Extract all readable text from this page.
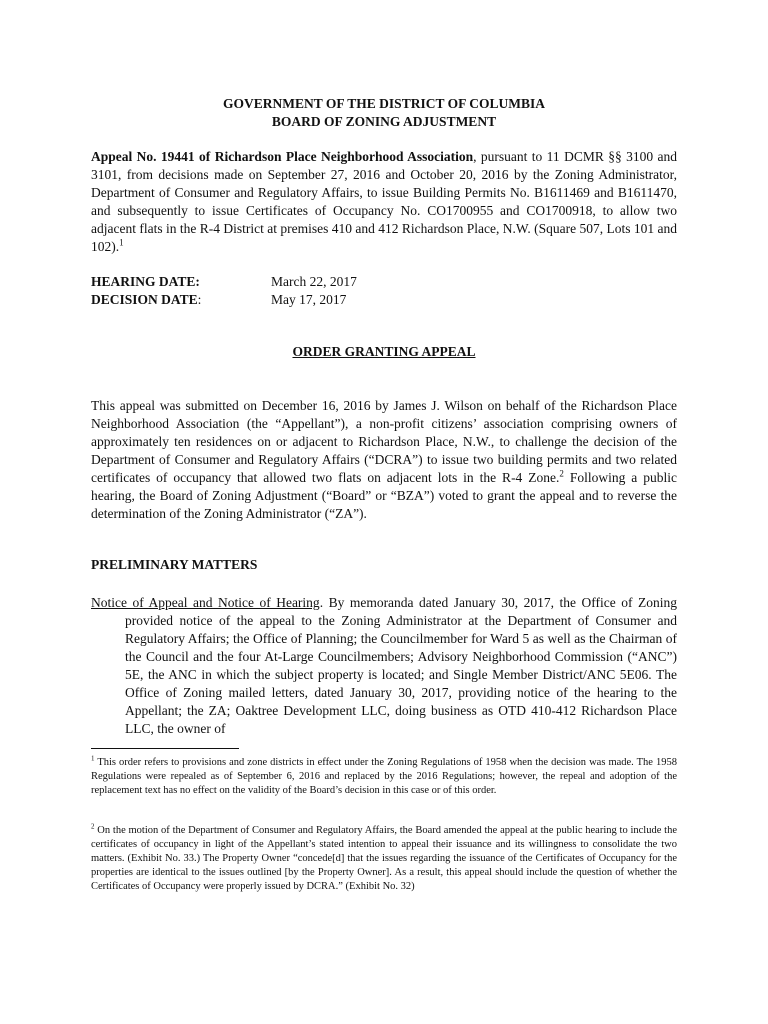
GOVERNMENT OF THE DISTRICT OF COLUMBIA
BOARD OF ZONING ADJUSTMENT

Appeal No. 19441 of Richardson Place Neighborhood Association, pursuant to 11 DCMR §§ 3100 and 3101, from decisions made on September 27, 2016 and October 20, 2016 by the Zoning Administrator, Department of Consumer and Regulatory Affairs, to issue Building Permits No. B1611469 and B1611470, and subsequently to issue Certificates of Occupancy No. CO1700955 and CO1700918, to allow two adjacent flats in the R-4 District at premises 410 and 412 Richardson Place, N.W. (Square 507, Lots 101 and 102).$^1$

HEARING DATE:	March 22, 2017
DECISION DATE:	May 17, 2017
ORDER GRANTING APPEAL

This appeal was submitted on December 16, 2016 by James J. Wilson on behalf of the Richardson Place Neighborhood Association (the “Appellant”), a non-profit citizens’ association comprising owners of approximately ten residences on or adjacent to Richardson Place, N.W., to challenge the decision of the Department of Consumer and Regulatory Affairs (“DCRA”) to issue two building permits and two related certificates of occupancy that allowed two flats on adjacent lots in the R-4 Zone.$^2$ Following a public hearing, the Board of Zoning Adjustment (“Board” or “BZA”) voted to grant the appeal and to reverse the determination of the Zoning Administrator (“ZA”).

PRELIMINARY MATTERS

Notice of Appeal and Notice of Hearing. By memoranda dated January 30, 2017, the Office of Zoning provided notice of the appeal to the Zoning Administrator at the Department of Consumer and Regulatory Affairs; the Office of Planning; the Councilmember for Ward 5 as well as the Chairman of the Council and the four At-Large Councilmembers; Advisory Neighborhood Commission (“ANC”) 5E, the ANC in which the subject property is located; and Single Member District/ANC 5E06. The Office of Zoning mailed letters, dated January 30, 2017, providing notice of the hearing to the Appellant; the ZA; Oaktree Development LLC, doing business as OTD 410-412 Richardson Place LLC, the owner of

$^1$ This order refers to provisions and zone districts in effect under the Zoning Regulations of 1958 when the decision was made. The 1958 Regulations were repealed as of September 6, 2016 and replaced by the 2016 Regulations; however, the repeal and adoption of the replacement text has no effect on the validity of the Board’s decision in this case or of this order.

$^2$ On the motion of the Department of Consumer and Regulatory Affairs, the Board amended the appeal at the public hearing to include the certificates of occupancy in light of the Appellant’s stated intention to appeal their issuance and its willingness to consolidate the two matters. (Exhibit No. 33.) The Property Owner “concede[d] that the issues regarding the issuance of the Certificates of Occupancy for the properties are identical to the issues outlined [by the Property Owner]. As a result, this appeal should include the question of whether the Certificates of Occupancy were properly issued by DCRA.” (Exhibit No. 32)
